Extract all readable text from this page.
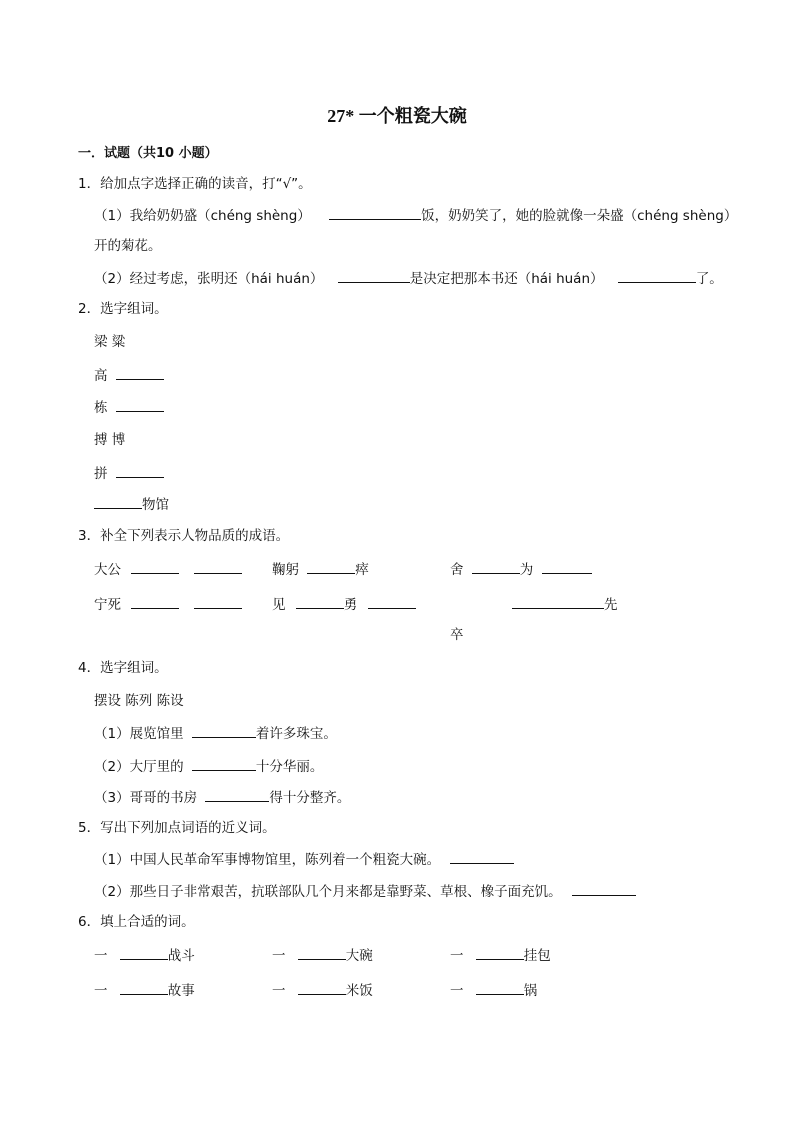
27* 一个粗瓷大碗
一．试题（共10 小题）
1．给加点字选择正确的读音，打“√”。
（1）我给奶奶盛（chéng shèng）	饭，奶奶笑了，她的脸就像一朵盛（chéng shèng）
开的菊花。
（2）经过考虑，张明还（hái huán）	是决定把那本书还（hái huán）	了。
2．选字组词。
梁 粱
高
栋
搏 博
拼
物馆
3．补全下列表示人物品质的成语。
大公	鞠躬	瘁	舍	为
宁死	见	勇	先
卒
4．选字组词。
摆设 陈列 陈设
（1）展览馆里	着许多珠宝。
（2）大厅里的	十分华丽。
（3）哥哥的书房	得十分整齐。
5．写出下列加点词语的近义词。
（1）中国人民革命军事博物馆里，陈列着一个粗瓷大碗。
（2）那些日子非常艰苦，抗联部队几个月来都是靠野菜、草根、橡子面充饥。
6．填上合适的词。
一	战斗	一	大碗	一	挂包
一	故事	一	米饭	一	锅
